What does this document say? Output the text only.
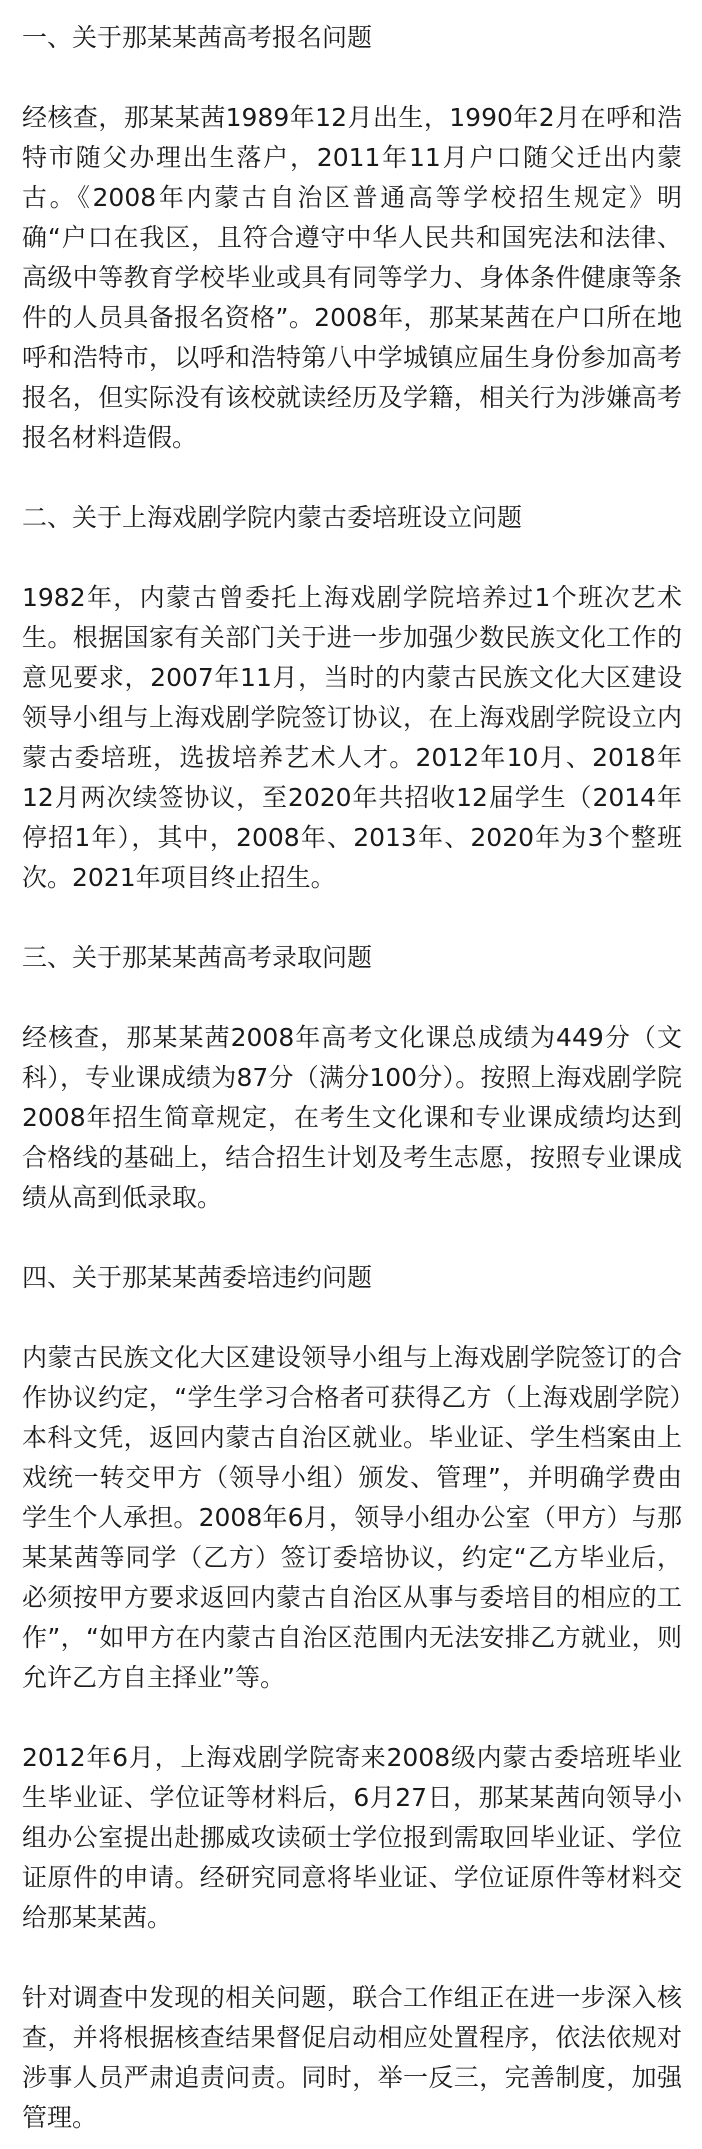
一、关于那某某茜高考报名问题

经核查，那某某茜1989年12月出生，1990年2月在呼和浩特市随父办理出生落户，2011年11月户口随父迁出内蒙古。《2008年内蒙古自治区普通高等学校招生规定》明确“户口在我区，且符合遵守中华人民共和国宪法和法律、高级中等教育学校毕业或具有同等学力、身体条件健康等条件的人员具备报名资格”。2008年，那某某茜在户口所在地呼和浩特市，以呼和浩特第八中学城镇应届生身份参加高考报名，但实际没有该校就读经历及学籍，相关行为涉嫌高考报名材料造假。

二、关于上海戏剧学院内蒙古委培班设立问题

1982年，内蒙古曾委托上海戏剧学院培养过1个班次艺术生。根据国家有关部门关于进一步加强少数民族文化工作的意见要求，2007年11月，当时的内蒙古民族文化大区建设领导小组与上海戏剧学院签订协议，在上海戏剧学院设立内蒙古委培班，选拔培养艺术人才。2012年10月、2018年12月两次续签协议，至2020年共招收12届学生（2014年停招1年），其中，2008年、2013年、2020年为3个整班次。2021年项目终止招生。

三、关于那某某茜高考录取问题

经核查，那某某茜2008年高考文化课总成绩为449分（文科），专业课成绩为87分（满分100分）。按照上海戏剧学院2008年招生简章规定，在考生文化课和专业课成绩均达到合格线的基础上，结合招生计划及考生志愿，按照专业课成绩从高到低录取。

四、关于那某某茜委培违约问题

内蒙古民族文化大区建设领导小组与上海戏剧学院签订的合作协议约定，“学生学习合格者可获得乙方（上海戏剧学院）本科文凭，返回内蒙古自治区就业。毕业证、学生档案由上戏统一转交甲方（领导小组）颁发、管理”，并明确学费由学生个人承担。2008年6月，领导小组办公室（甲方）与那某某茜等同学（乙方）签订委培协议，约定“乙方毕业后，必须按甲方要求返回内蒙古自治区从事与委培目的相应的工作”，“如甲方在内蒙古自治区范围内无法安排乙方就业，则允许乙方自主择业”等。

2012年6月，上海戏剧学院寄来2008级内蒙古委培班毕业生毕业证、学位证等材料后，6月27日，那某某茜向领导小组办公室提出赴挪威攻读硕士学位报到需取回毕业证、学位证原件的申请。经研究同意将毕业证、学位证原件等材料交给那某某茜。

针对调查中发现的相关问题，联合工作组正在进一步深入核查，并将根据核查结果督促启动相应处置程序，依法依规对涉事人员严肃追责问责。同时，举一反三，完善制度，加强管理。
